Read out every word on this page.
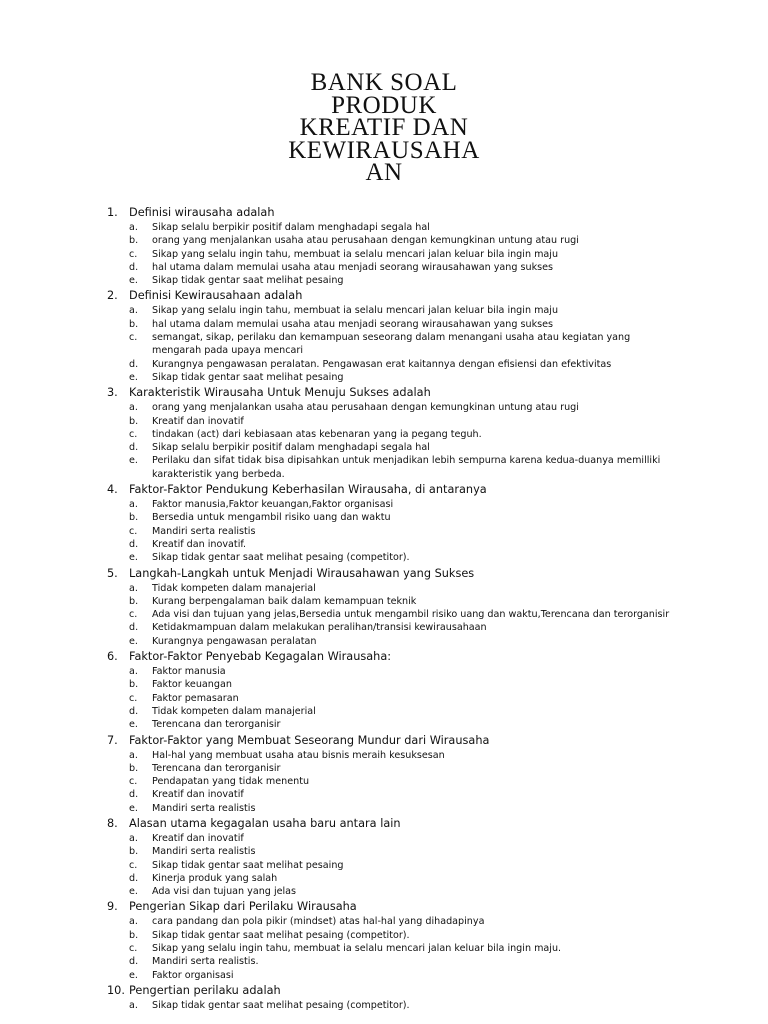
BANK SOAL
PRODUK
KREATIF DAN
KEWIRAUSAHA
AN
1. Definisi wirausaha adalah
a. Sikap selalu berpikir positif dalam menghadapi segala hal
b. orang yang menjalankan usaha atau perusahaan dengan kemungkinan untung atau rugi
c. Sikap yang selalu ingin tahu, membuat ia selalu mencari jalan keluar bila ingin maju
d. hal utama dalam memulai usaha atau menjadi seorang wirausahawan yang sukses
e. Sikap tidak gentar saat melihat pesaing
2. Definisi Kewirausahaan adalah
a. Sikap yang selalu ingin tahu, membuat ia selalu mencari jalan keluar bila ingin maju
b. hal utama dalam memulai usaha atau menjadi seorang wirausahawan yang sukses
c. semangat, sikap, perilaku dan kemampuan seseorang dalam menangani usaha atau kegiatan yang mengarah pada upaya mencari
d. Kurangnya pengawasan peralatan. Pengawasan erat kaitannya dengan efisiensi dan efektivitas
e. Sikap tidak gentar saat melihat pesaing
3. Karakteristik Wirausaha Untuk Menuju Sukses adalah
a. orang yang menjalankan usaha atau perusahaan dengan kemungkinan untung atau rugi
b. Kreatif dan inovatif
c. tindakan (act) dari kebiasaan atas kebenaran yang ia pegang teguh.
d. Sikap selalu berpikir positif dalam menghadapi segala hal
e. Perilaku dan sifat tidak bisa dipisahkan untuk menjadikan lebih sempurna karena kedua-duanya memilliki karakteristik yang berbeda.
4. Faktor-Faktor Pendukung Keberhasilan Wirausaha, di antaranya
a. Faktor manusia,Faktor keuangan,Faktor organisasi
b. Bersedia untuk mengambil risiko uang dan waktu
c. Mandiri serta realistis
d. Kreatif dan inovatif.
e. Sikap tidak gentar saat melihat pesaing (competitor).
5. Langkah-Langkah untuk Menjadi Wirausahawan yang Sukses
a. Tidak kompeten dalam manajerial
b. Kurang berpengalaman baik dalam kemampuan teknik
c. Ada visi dan tujuan yang jelas,Bersedia untuk mengambil risiko uang dan waktu,Terencana dan terorganisir
d. Ketidakmampuan dalam melakukan peralihan/transisi kewirausahaan
e. Kurangnya pengawasan peralatan
6. Faktor-Faktor Penyebab Kegagalan Wirausaha:
a. Faktor manusia
b. Faktor keuangan
c. Faktor pemasaran
d. Tidak kompeten dalam manajerial
e. Terencana dan terorganisir
7. Faktor-Faktor yang Membuat Seseorang Mundur dari Wirausaha
a. Hal-hal yang membuat usaha atau bisnis meraih kesuksesan
b. Terencana dan terorganisir
c. Pendapatan yang tidak menentu
d. Kreatif dan inovatif
e. Mandiri serta realistis
8. Alasan utama kegagalan usaha baru antara lain
a. Kreatif dan inovatif
b. Mandiri serta realistis
c. Sikap tidak gentar saat melihat pesaing
d. Kinerja produk yang salah
e. Ada visi dan tujuan yang jelas
9. Pengerian Sikap dari Perilaku Wirausaha
a. cara pandang dan pola pikir (mindset) atas hal-hal yang dihadapinya
b. Sikap tidak gentar saat melihat pesaing (competitor).
c. Sikap yang selalu ingin tahu, membuat ia selalu mencari jalan keluar bila ingin maju.
d. Mandiri serta realistis.
e. Faktor organisasi
10. Pengertian perilaku adalah
a. Sikap tidak gentar saat melihat pesaing (competitor).
